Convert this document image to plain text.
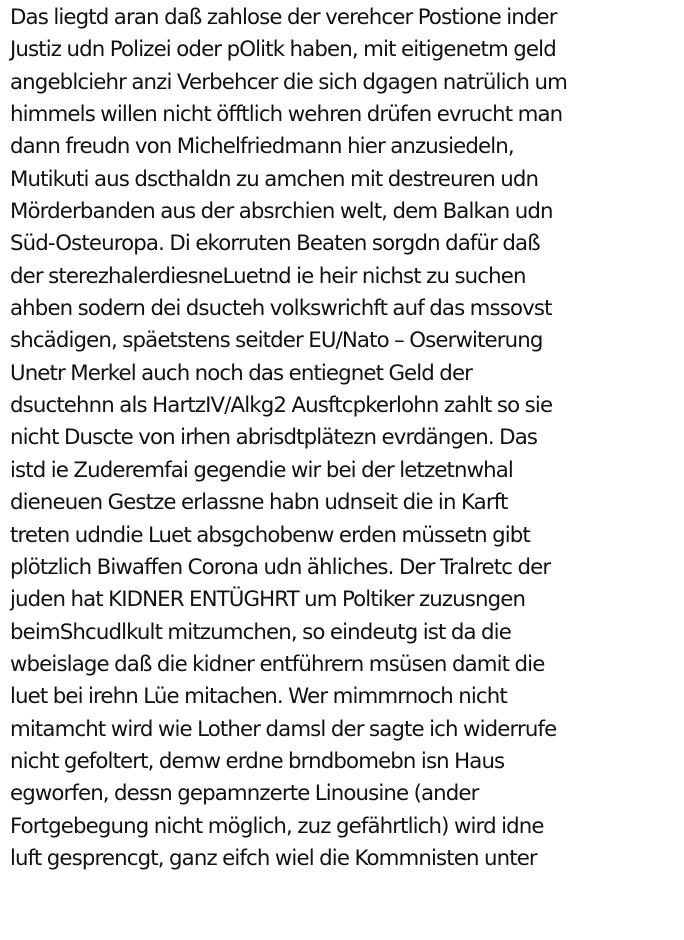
Das liegtd aran daß zahlose der verehcer Postione inder
Justiz udn Polizei oder pOlitk haben, mit eitigenetm geld
angeblciehr anzi Verbehcer die sich dgagen natrülich um
himmels willen nicht öfftlich wehren drüfen evrucht man
dann freudn von Michelfriedmann hier anzusiedeln,
Mutikuti aus dscthaldn zu amchen mit destreuren udn
Mörderbanden aus der absrchien welt, dem Balkan udn
Süd-Osteuropa. Di ekorruten Beaten sorgdn dafür daß
der sterezhalerdiesneLuetnd ie heir nichst zu suchen
ahben sodern dei dsucteh volkswrichft auf das mssovst
shcädigen, späetstens seitder EU/Nato – Oserwiterung
Unetr Merkel auch noch das entiegnet Geld der
dsuctehnn als HartzIV/Alkg2 Ausftcpkerlohn zahlt so sie
nicht Duscte von irhen abrisdtplätezn evrdängen. Das
istd ie Zuderemfai gegendie wir bei der letzetnwhal
dieneuen Gestze erlassne habn udnseit die in Karft
treten udndie Luet absgchobenw erden müssetn gibt
plötzlich Biwaffen Corona udn ähliches. Der Tralretc der
juden hat KIDNER ENTÜGHRT um Poltiker zuzusngen
beimShcudlkult mitzumchen, so eindeutg ist da die
wbeislage daß die kidner entführern msüsen damit die
luet bei irehn Lüe mitachen. Wer mimmrnoch nicht
mitamcht wird wie Lother damsl der sagte ich widerrufe
nicht gefoltert, demw erdne brndbomebn isn Haus
egworfen, dessn gepamnzerte Linousine (ander
Fortgebegung nicht möglich, zuz gefährtlich) wird idne
luft gesprencgt, ganz eifch wiel die Kommnisten unter
